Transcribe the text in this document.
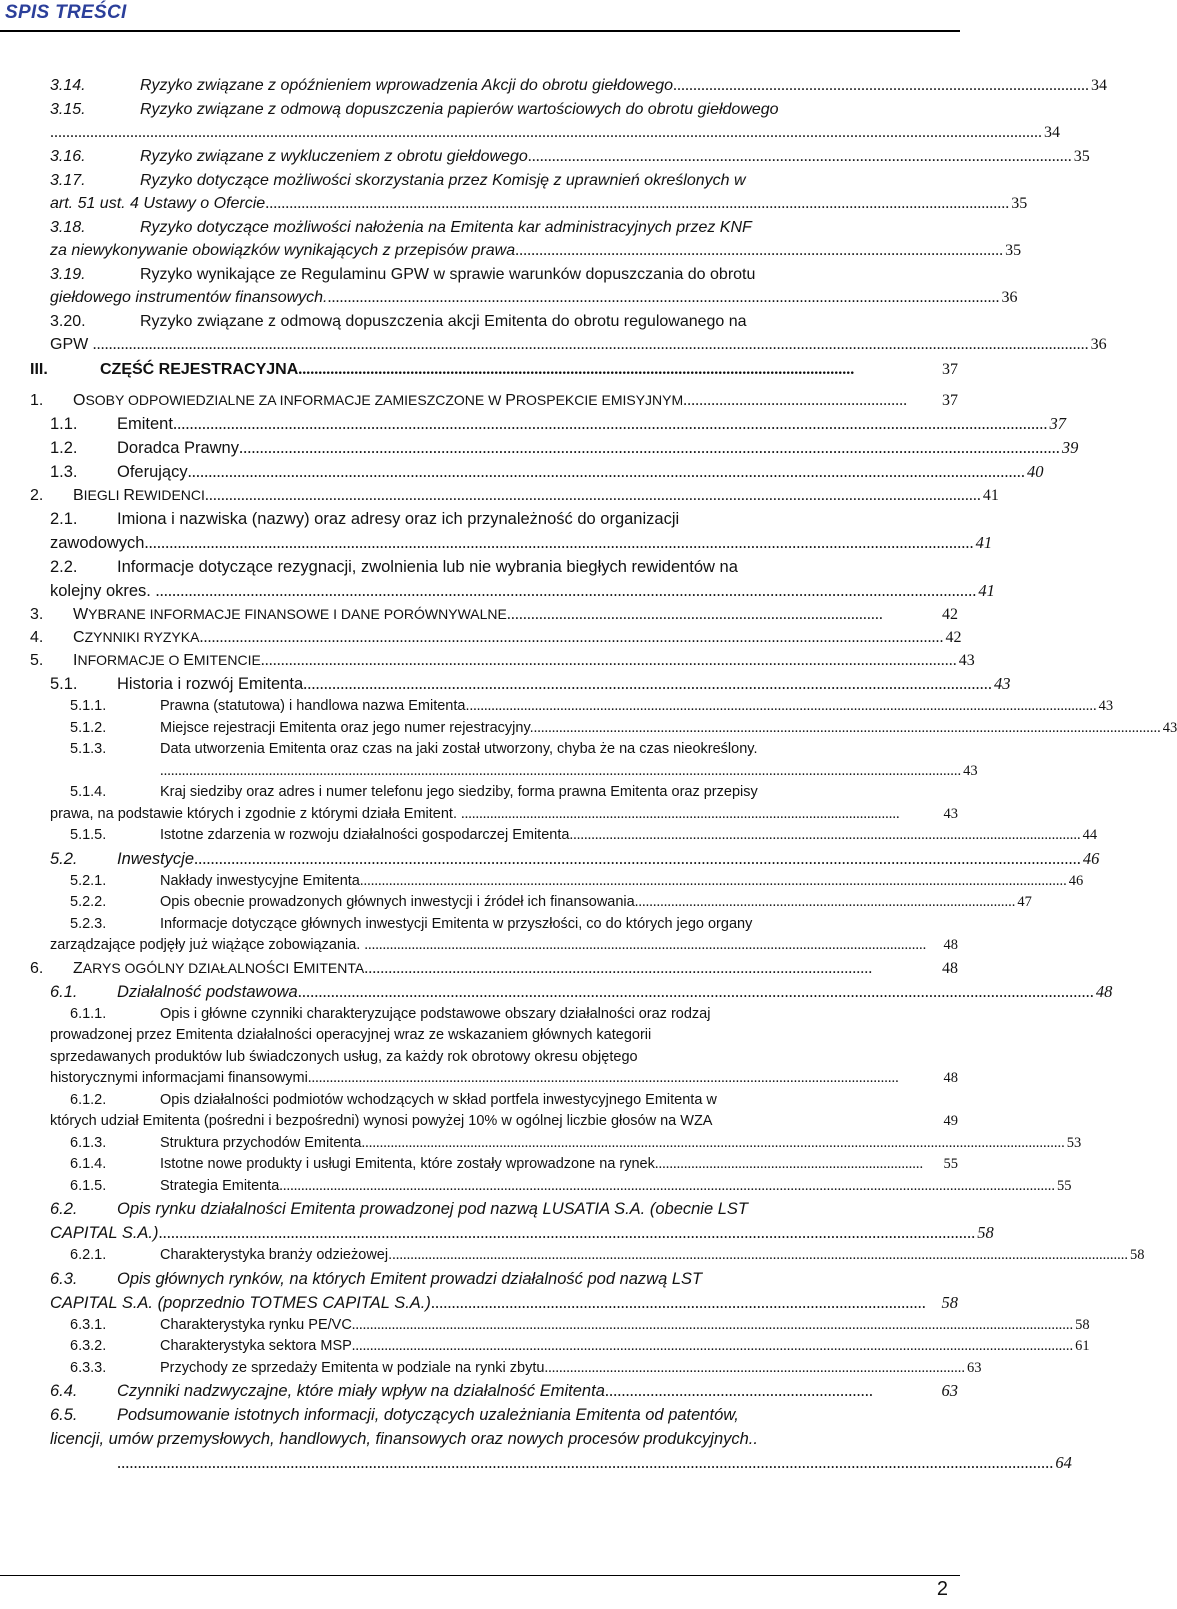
SPIS TREŚCI
3.14.	Ryzyko związane z opóźnieniem wprowadzenia Akcji do obrotu giełdowego........................................................................................................ 34
3.15.	Ryzyko związane z odmową dopuszczenia papierów wartościowych do obrotu giełdowego
........................................................................................................................................................................................................................................................ 34
3.16.	Ryzyko związane z wykluczeniem z obrotu giełdowego........................................................................................................................................ 35
3.17.	Ryzyko dotyczące możliwości skorzystania przez Komisję z uprawnień określonych w
art. 51 ust. 4 Ustawy o Ofercie.......................................................................................................................................................................................... 35
3.18.	Ryzyko dotyczące możliwości nałożenia na Emitenta kar administracyjnych przez KNF
za niewykonywanie obowiązków wynikających z przepisów prawa.......................................................................................................................... 35
3.19.	Ryzyko wynikające ze Regulaminu GPW w sprawie warunków dopuszczania do obrotu
giełdowego instrumentów finansowych......................................................................................................................................................................... 36
3.20.	Ryzyko związane z odmową dopuszczenia akcji Emitenta do obrotu regulowanego na
GPW ......................................................................................................................................................................................................................................................... 36
III.	CZĘŚĆ REJESTRACYJNA...........................................................................................................................................	37
1. OSOBY ODPOWIEDZIALNE ZA INFORMACJE ZAMIESZCZONE W PROSPEKCIE EMISYJNYM........................................................	37
1.1. Emitent.................................................................................................................................................................................................................... 37
1.2. Doradca Prawny....................................................................................................................................................................................................... 39
1.3. Oferujący........................................................................................................................................................................................................... 40
2. BIEGLI REWIDENCI.................................................................................................................................................................................................. 41
2.1.	Imiona i nazwiska (nazwy) oraz adresy oraz ich przynależność do organizacji
zawodowych......................................................................................................................................................................................................... 41
2.2.	Informacje dotyczące rezygnacji, zwolnienia lub nie wybrania biegłych rewidentów na
kolejny okres. ....................................................................................................................................................................................................... 41
3. WYBRANE INFORMACJE FINANSOWE I DANE PORÓWNYWALNE..............................................................................................	42
4. CZYNNIKI RYZYKA.......................................................................................................................................................................................... 42
5. INFORMACJE O EMITENCIE.............................................................................................................................................................................. 43
5.1. Historia i rozwój Emitenta....................................................................................................................................................................... 43
5.1.1.	Prawna (statutowa) i handlowa nazwa Emitenta.............................................................................................................................................................................. 43
5.1.2.	Miejsce rejestracji Emitenta oraz jego numer rejestracyjny.............................................................................................................................................................................. 43
5.1.3.	Data utworzenia Emitenta oraz czas na jaki został utworzony, chyba że na czas nieokreślony.
............................................................................................................................................................................................................................. 43
5.1.4.	Kraj siedziby oraz adres i numer telefonu jego siedziby, forma prawna Emitenta oraz przepisy
prawa, na podstawie których i zgodnie z którymi działa Emitent. .........................................................................................................................	43
5.1.5.	Istotne zdarzenia w rozwoju działalności gospodarczej Emitenta............................................................................................................................................. 44
5.2. Inwestycje....................................................................................................................................................................................................................... 46
5.2.1.	Nakłady inwestycyjne Emitenta................................................................................................................................................................................................... 46
5.2.2.	Opis obecnie prowadzonych głównych inwestycji i źródeł ich finansowania......................................................................................................... 47
5.2.3.	Informacje dotyczące głównych inwestycji Emitenta w przyszłości, co do których jego organy
zarządzające podjęły już wiążące zobowiązania. ...........................................................................................................................................................	48
6. ZARYS OGÓLNY DZIAŁALNOŚCI EMITENTA...............................................................................................................................	48
6.1. Działalność podstawowa................................................................................................................................................................................................. 48
6.1.1.	Opis i główne czynniki charakteryzujące podstawowe obszary działalności oraz rodzaj
prowadzonej przez Emitenta działalności operacyjnej wraz ze wskazaniem głównych kategorii
sprzedawanych produktów lub świadczonych usług, za każdy rok obrotowy okresu objętego
historycznymi informacjami finansowymi...................................................................................................................................................................	48
6.1.2.	Opis działalności podmiotów wchodzących w skład portfela inwestycyjnego Emitenta w
których udział Emitenta (pośredni i bezpośredni) wynosi powyżej 10% w ogólnej liczbie głosów na WZA	49
6.1.3.	Struktura przychodów Emitenta.................................................................................................................................................................................................. 53
6.1.4.	Istotne nowe produkty i usługi Emitenta, które zostały wprowadzone na rynek..........................................................................	55
6.1.5.	Strategia Emitenta...................................................................................................................................................................................................................... 55
6.2.	Opis rynku działalności Emitenta prowadzonej pod nazwą LUSATIA S.A. (obecnie LST
CAPITAL S.A.)...................................................................................................................................................................................................... 58
6.2.1.	Charakterystyka branży odzieżowej............................................................................................................................................................................................................ 58
6.3.	Opis głównych rynków, na których Emitent prowadzi działalność pod nazwą LST
CAPITAL S.A. (poprzednio TOTMES CAPITAL S.A.)........................................................................................................................ 58
6.3.1.	Charakterystyka rynku PE/VC....................................................................................................................................................................................................... 58
6.3.2.	Charakterystyka sektora MSP....................................................................................................................................................................................................... 61
6.3.3.	Przychody ze sprzedaży Emitenta w podziale na rynki zbytu.................................................................................................................... 63
6.4. Czynniki nadzwyczajne, które miały wpływ na działalność Emitenta.................................................................	63
6.5.	Podsumowanie istotnych informacji, dotyczących uzależniania Emitenta od patentów,
licencji, umów przemysłowych, handlowych, finansowych oraz nowych procesów produkcyjnych..
................................................................................................................................................................................................................................... 64
2
